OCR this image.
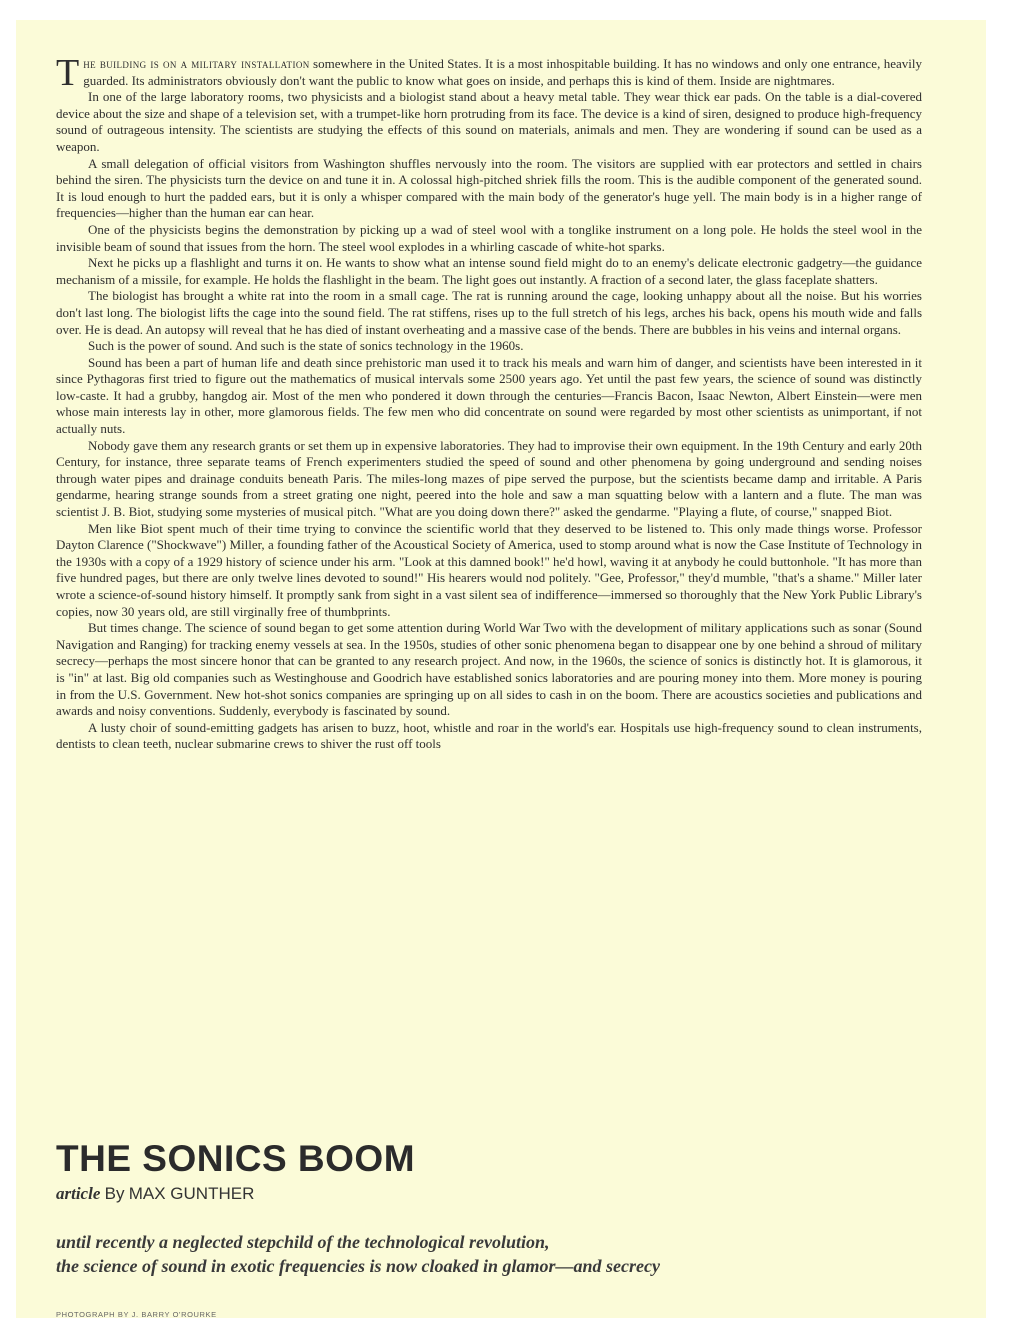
The building is on a military installation somewhere in the United States. It is a most inhospitable building. It has no windows and only one entrance, heavily guarded. Its administrators obviously don't want the public to know what goes on inside, and perhaps this is kind of them. Inside are nightmares.

In one of the large laboratory rooms, two physicists and a biologist stand about a heavy metal table. They wear thick ear pads. On the table is a dial-covered device about the size and shape of a television set, with a trumpet-like horn protruding from its face. The device is a kind of siren, designed to produce high-frequency sound of outrageous intensity. The scientists are studying the effects of this sound on materials, animals and men. They are wondering if sound can be used as a weapon.

A small delegation of official visitors from Washington shuffles nervously into the room. The visitors are supplied with ear protectors and settled in chairs behind the siren. The physicists turn the device on and tune it in. A colossal high-pitched shriek fills the room. This is the audible component of the generated sound. It is loud enough to hurt the padded ears, but it is only a whisper compared with the main body of the generator's huge yell. The main body is in a higher range of frequencies—higher than the human ear can hear.

One of the physicists begins the demonstration by picking up a wad of steel wool with a tonglike instrument on a long pole. He holds the steel wool in the invisible beam of sound that issues from the horn. The steel wool explodes in a whirling cascade of white-hot sparks.

Next he picks up a flashlight and turns it on. He wants to show what an intense sound field might do to an enemy's delicate electronic gadgetry—the guidance mechanism of a missile, for example. He holds the flashlight in the beam. The light goes out instantly. A fraction of a second later, the glass faceplate shatters.

The biologist has brought a white rat into the room in a small cage. The rat is running around the cage, looking unhappy about all the noise. But his worries don't last long. The biologist lifts the cage into the sound field. The rat stiffens, rises up to the full stretch of his legs, arches his back, opens his mouth wide and falls over. He is dead. An autopsy will reveal that he has died of instant overheating and a massive case of the bends. There are bubbles in his veins and internal organs.

Such is the power of sound. And such is the state of sonics technology in the 1960s.

Sound has been a part of human life and death since prehistoric man used it to track his meals and warn him of danger, and scientists have been interested in it since Pythagoras first tried to figure out the mathematics of musical intervals some 2500 years ago. Yet until the past few years, the science of sound was distinctly low-caste. It had a grubby, hangdog air. Most of the men who pondered it down through the centuries—Francis Bacon, Isaac Newton, Albert Einstein—were men whose main interests lay in other, more glamorous fields. The few men who did concentrate on sound were regarded by most other scientists as unimportant, if not actually nuts.

Nobody gave them any research grants or set them up in expensive laboratories. They had to improvise their own equipment. In the 19th Century and early 20th Century, for instance, three separate teams of French experimenters studied the speed of sound and other phenomena by going underground and sending noises through water pipes and drainage conduits beneath Paris. The miles-long mazes of pipe served the purpose, but the scientists became damp and irritable. A Paris gendarme, hearing strange sounds from a street grating one night, peered into the hole and saw a man squatting below with a lantern and a flute. The man was scientist J. B. Biot, studying some mysteries of musical pitch. "What are you doing down there?" asked the gendarme. "Playing a flute, of course," snapped Biot.

Men like Biot spent much of their time trying to convince the scientific world that they deserved to be listened to. This only made things worse. Professor Dayton Clarence ("Shockwave") Miller, a founding father of the Acoustical Society of America, used to stomp around what is now the Case Institute of Technology in the 1930s with a copy of a 1929 history of science under his arm. "Look at this damned book!" he'd howl, waving it at anybody he could buttonhole. "It has more than five hundred pages, but there are only twelve lines devoted to sound!" His hearers would nod politely. "Gee, Professor," they'd mumble, "that's a shame." Miller later wrote a science-of-sound history himself. It promptly sank from sight in a vast silent sea of indifference—immersed so thoroughly that the New York Public Library's copies, now 30 years old, are still virginally free of thumbprints.

But times change. The science of sound began to get some attention during World War Two with the development of military applications such as sonar (Sound Navigation and Ranging) for tracking enemy vessels at sea. In the 1950s, studies of other sonic phenomena began to disappear one by one behind a shroud of military secrecy—perhaps the most sincere honor that can be granted to any research project. And now, in the 1960s, the science of sonics is distinctly hot. It is glamorous, it is "in" at last. Big old companies such as Westinghouse and Goodrich have established sonics laboratories and are pouring money into them. More money is pouring in from the U.S. Government. New hot-shot sonics companies are springing up on all sides to cash in on the boom. There are acoustics societies and publications and awards and noisy conventions. Suddenly, everybody is fascinated by sound.

A lusty choir of sound-emitting gadgets has arisen to buzz, hoot, whistle and roar in the world's ear. Hospitals use high-frequency sound to clean instruments, dentists to clean teeth, nuclear submarine crews to shiver the rust off tools

THE SONICS BOOM
article By MAX GUNTHER
until recently a neglected stepchild of the technological revolution,
the science of sound in exotic frequencies is now cloaked in glamor—and secrecy
PHOTOGRAPH BY J. BARRY O'ROURKE
